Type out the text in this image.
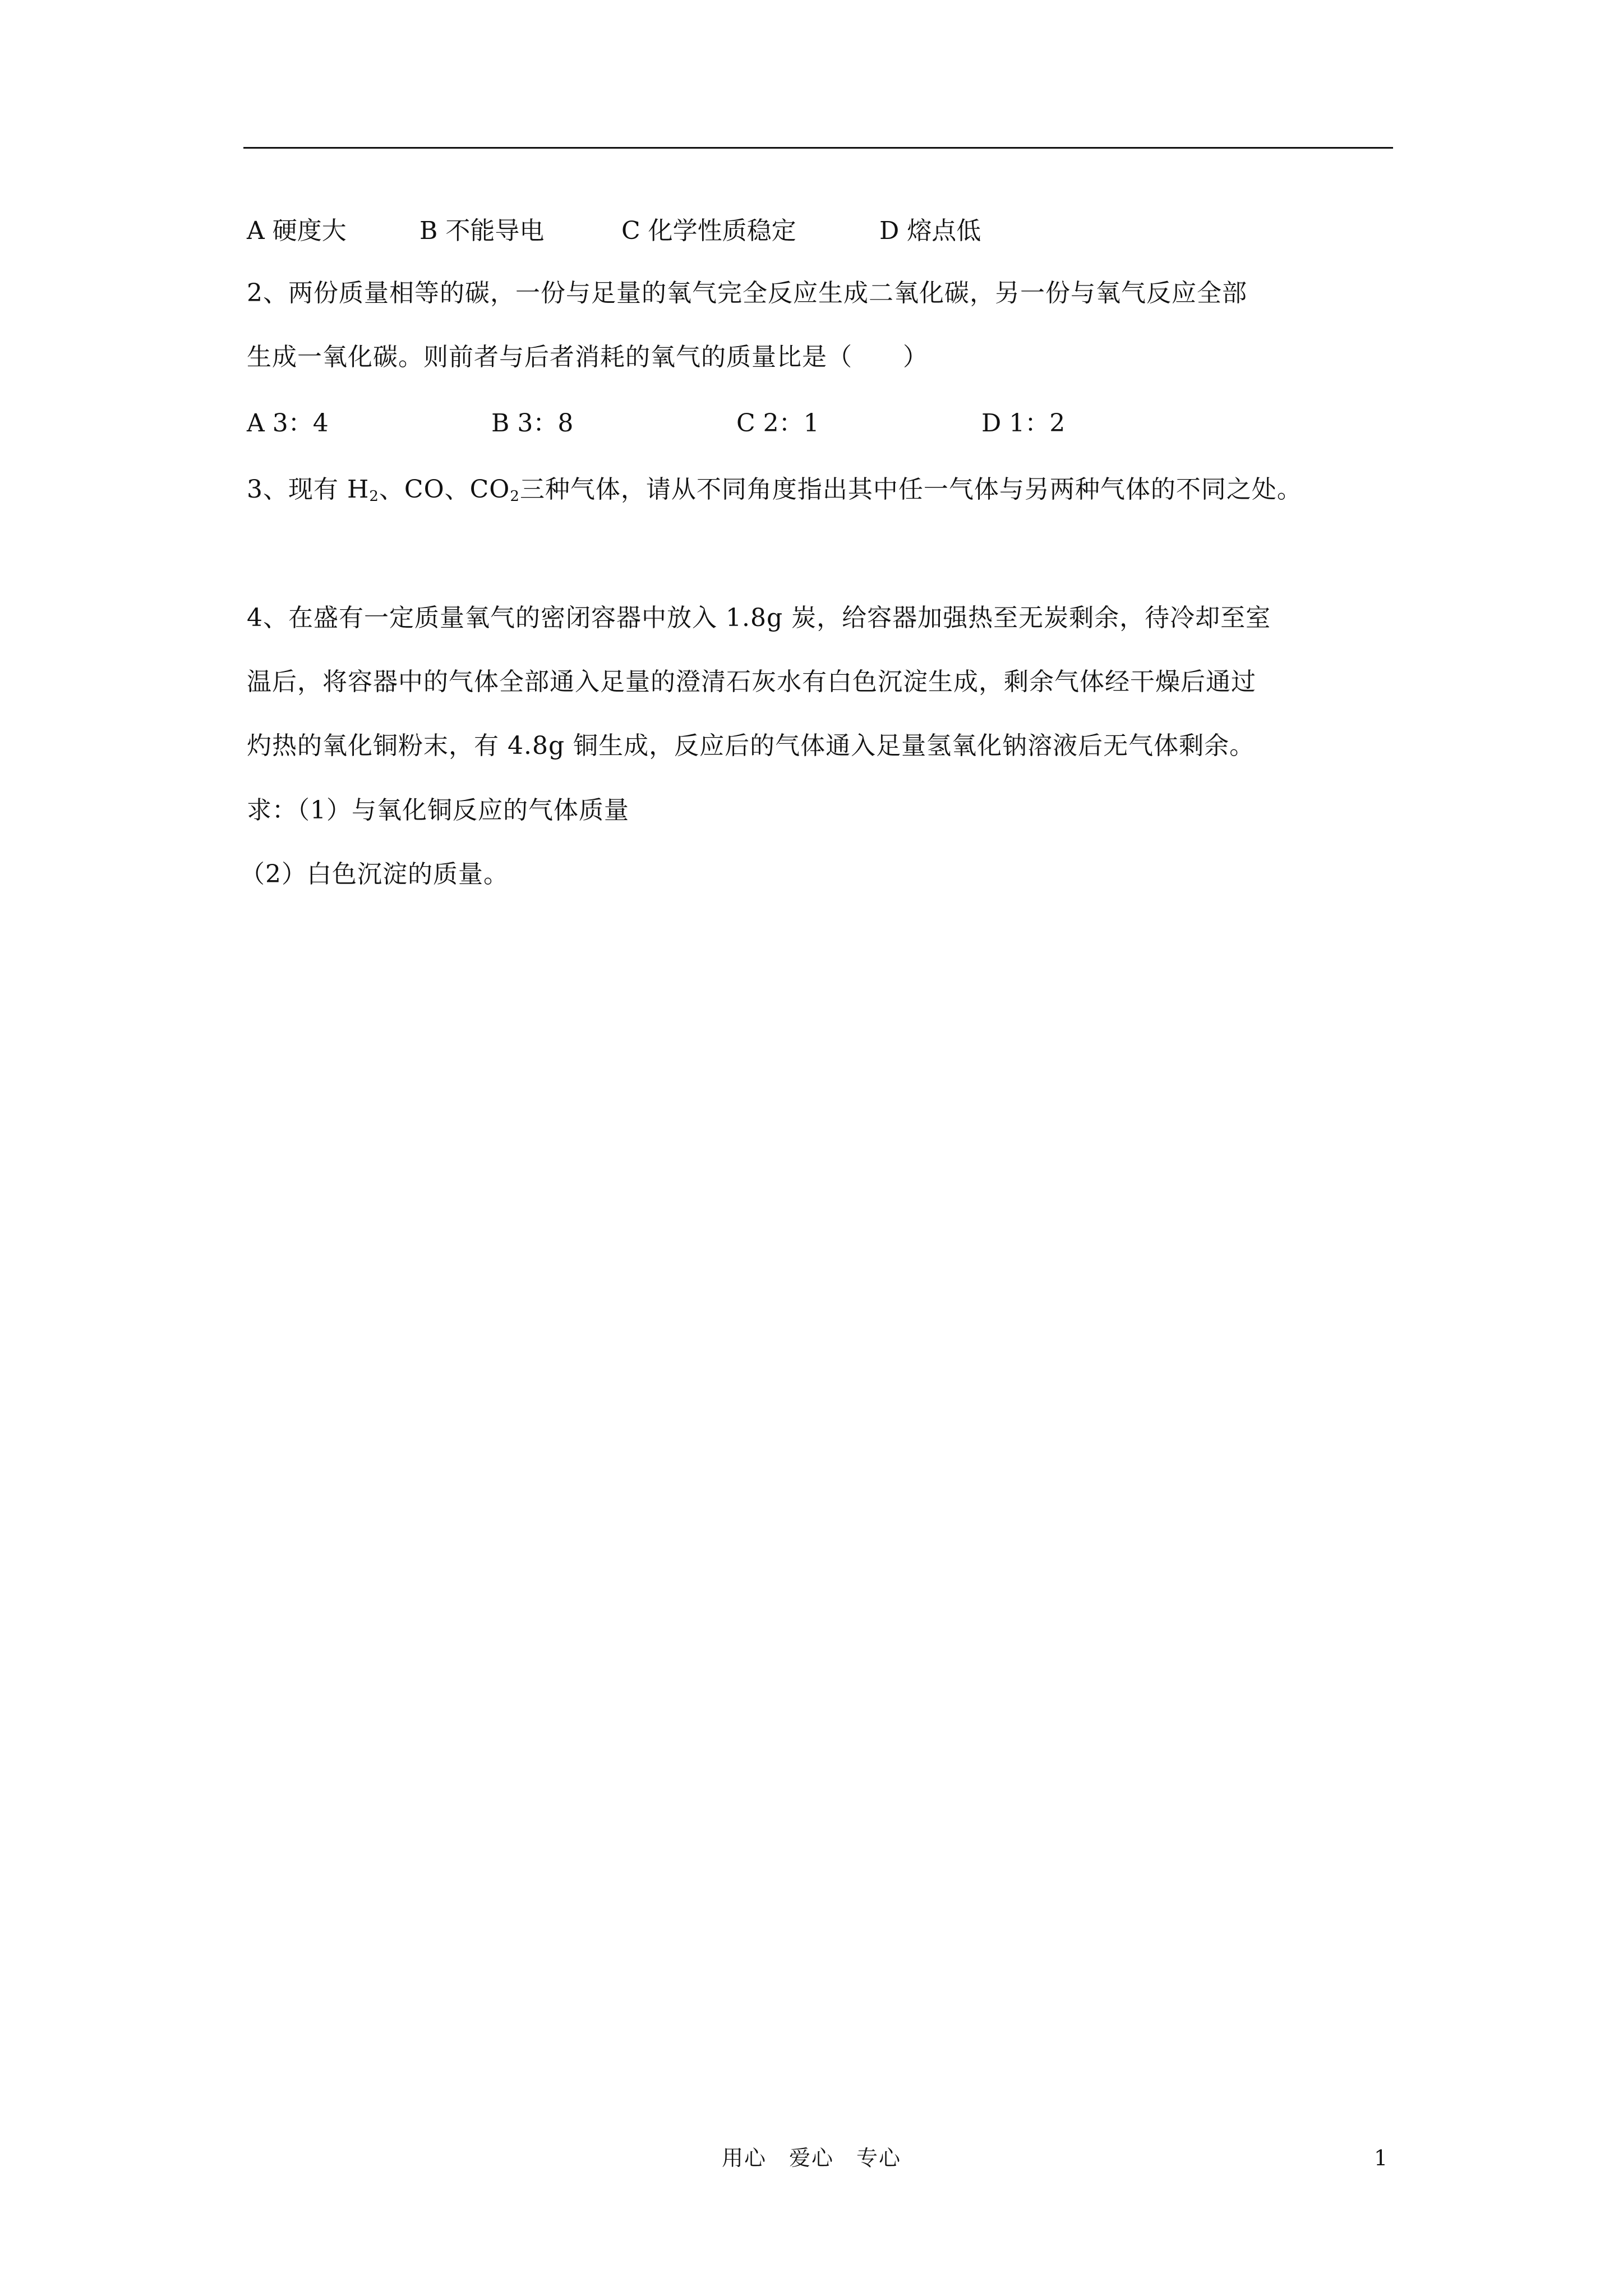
A 硬度大	B 不能导电	C 化学性质稳定	D 熔点低
2、两份质量相等的碳，一份与足量的氧气完全反应生成二氧化碳，另一份与氧气反应全部
生成一氧化碳。则前者与后者消耗的氧气的质量比是（　　）
A 3：4	B 3：8	C 2：1	D 1：2
3、现有 $H_2$、CO、$CO_2$三种气体，请从不同角度指出其中任一气体与另两种气体的不同之处。
4、在盛有一定质量氧气的密闭容器中放入 1.8g 炭，给容器加强热至无炭剩余，待冷却至室
温后，将容器中的气体全部通入足量的澄清石灰水有白色沉淀生成，剩余气体经干燥后通过
灼热的氧化铜粉末，有 4.8g 铜生成，反应后的气体通入足量氢氧化钠溶液后无气体剩余。
求：（1）与氧化铜反应的气体质量
（2）白色沉淀的质量。
用心　爱心　专心	1
